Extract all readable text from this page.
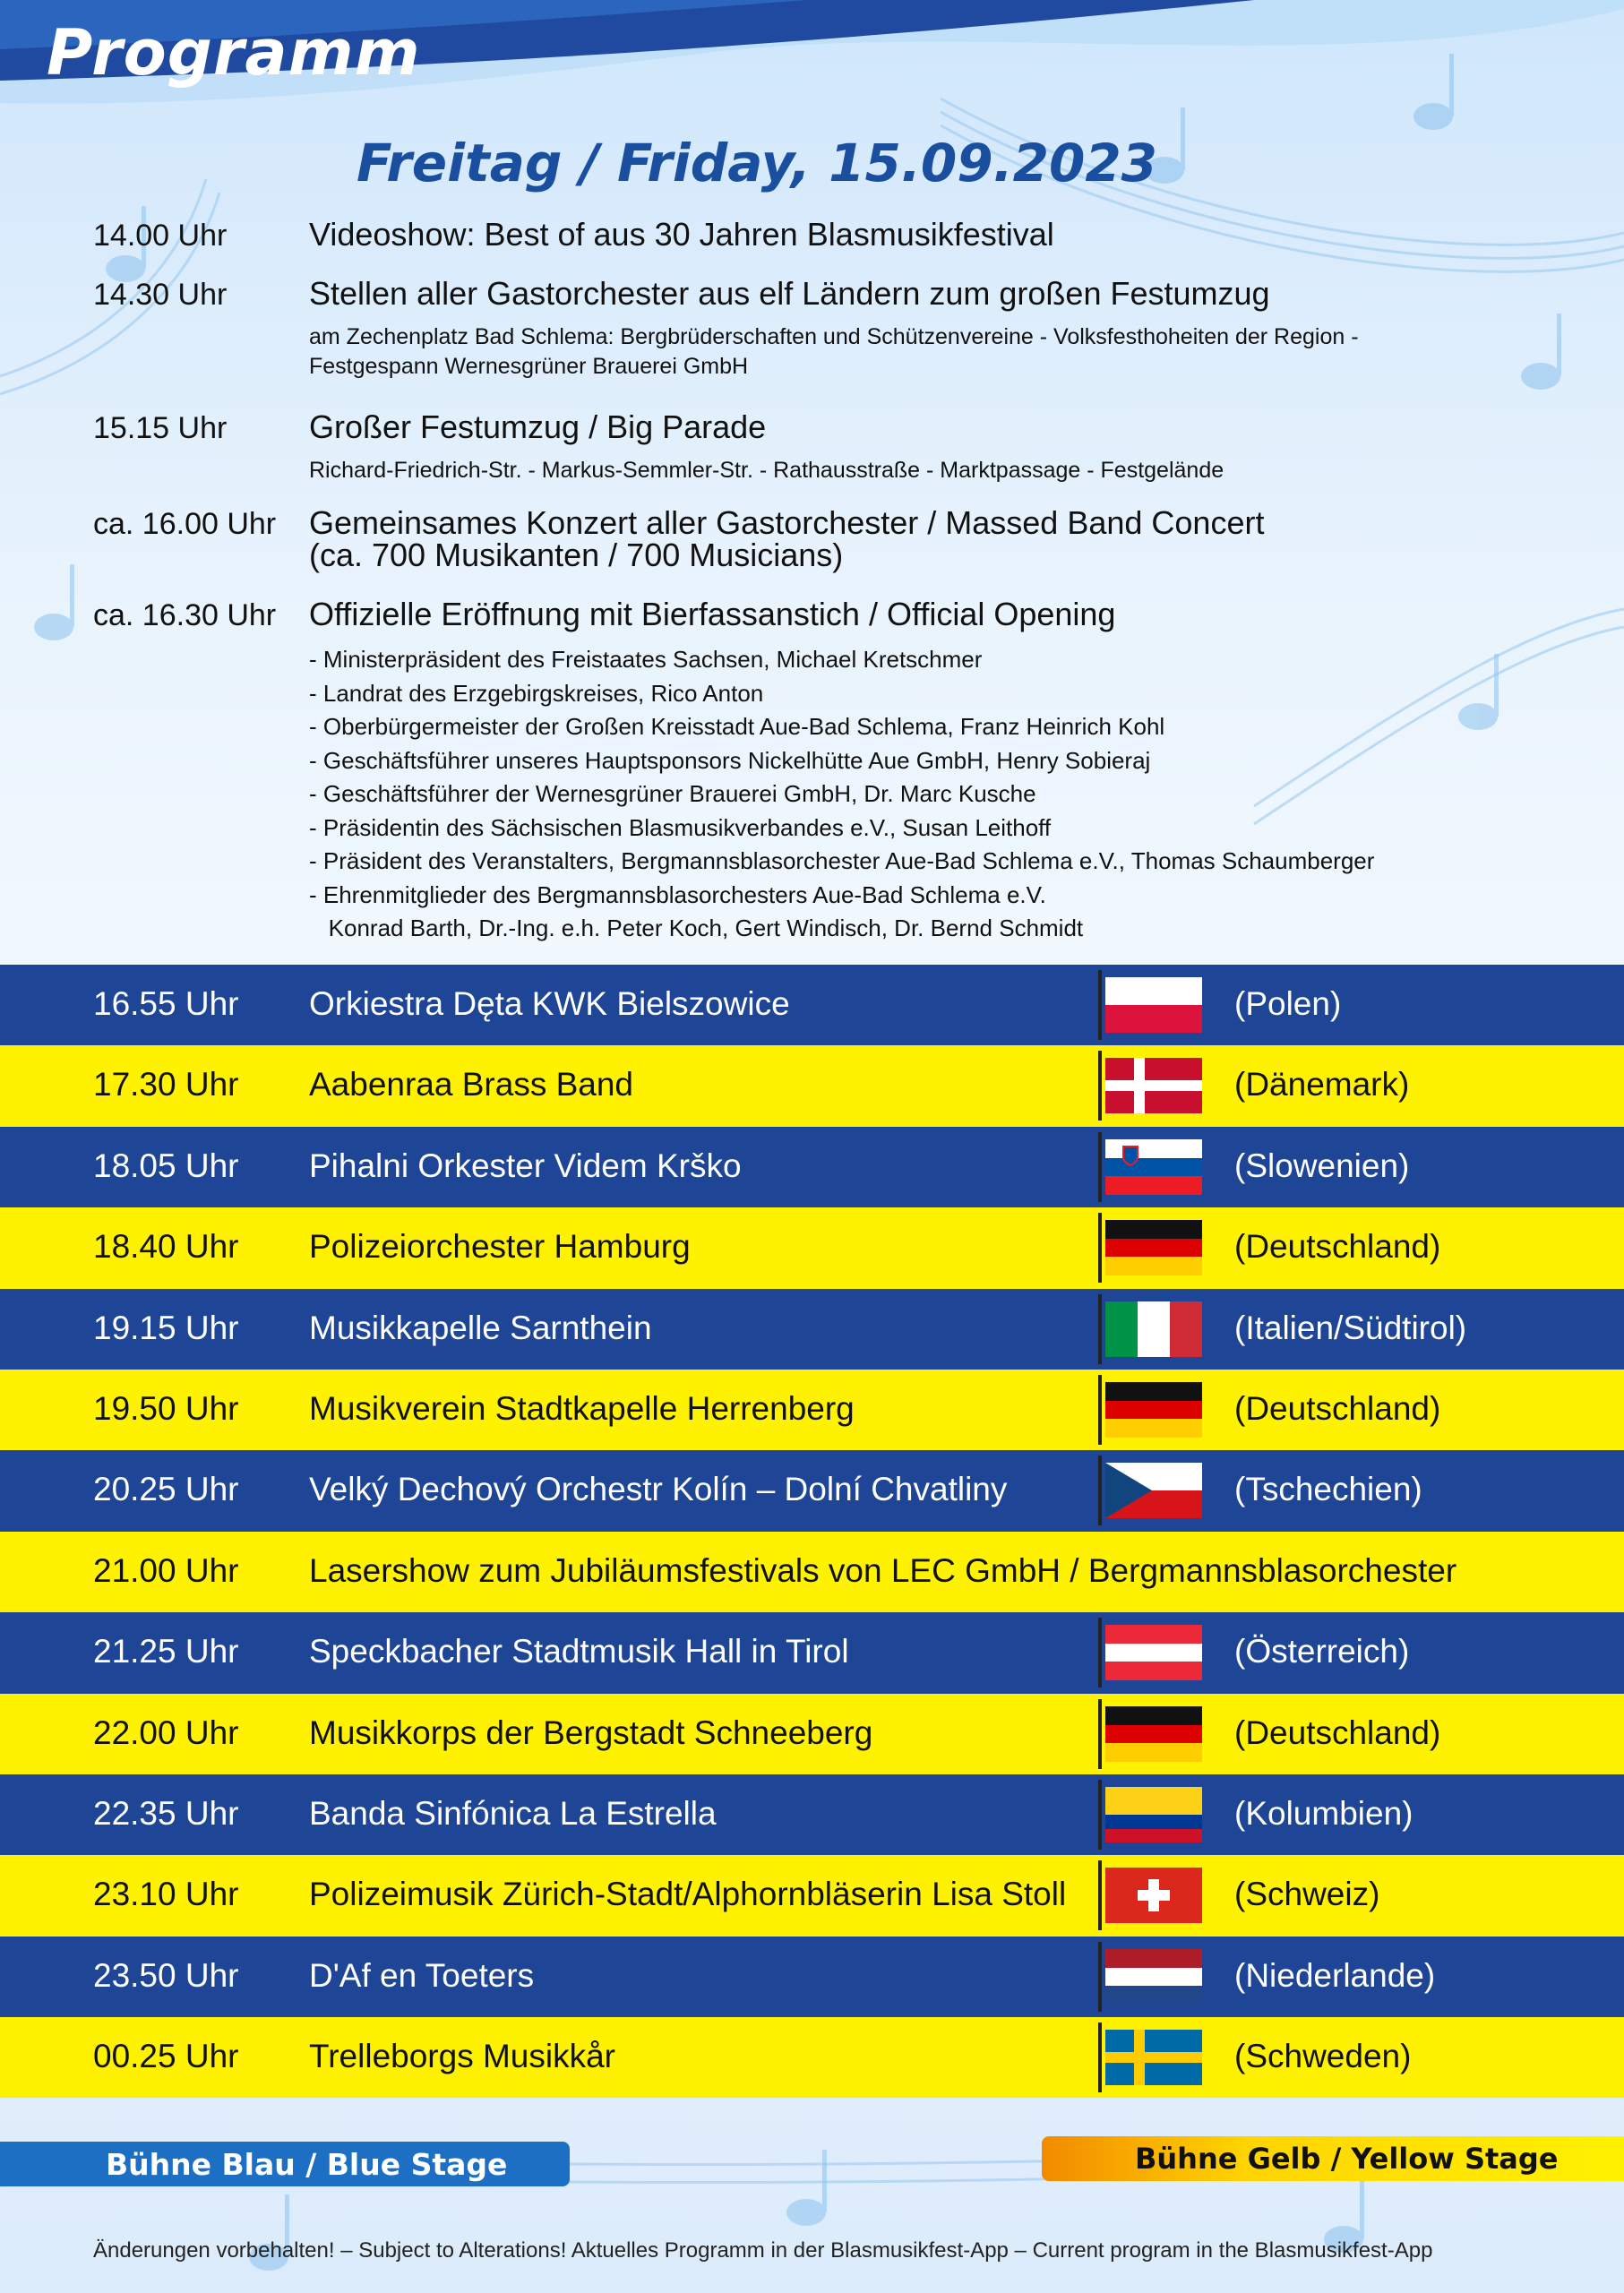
Programm
Freitag / Friday, 15.09.2023
14.00 Uhr	Videoshow: Best of aus 30 Jahren Blasmusikfestival
14.30 Uhr	Stellen aller Gastorchester aus elf Ländern zum großen Festumzug
am Zechenplatz Bad Schlema: Bergbrüderschaften und Schützenvereine - Volksfesthoheiten der Region -
Festgespann Wernesgrüner Brauerei GmbH
15.15 Uhr	Großer Festumzug / Big Parade
Richard-Friedrich-Str. - Markus-Semmler-Str. - Rathausstraße - Marktpassage - Festgelände
ca. 16.00 Uhr Gemeinsames Konzert aller Gastorchester / Massed Band Concert
(ca. 700 Musikanten / 700 Musicians)
ca. 16.30 Uhr Offizielle Eröffnung mit Bierfassanstich / Official Opening
- Ministerpräsident des Freistaates Sachsen, Michael Kretschmer
- Landrat des Erzgebirgskreises, Rico Anton
- Oberbürgermeister der Großen Kreisstadt Aue-Bad Schlema, Franz Heinrich Kohl
- Geschäftsführer unseres Hauptsponsors Nickelhütte Aue GmbH, Henry Sobieraj
- Geschäftsführer der Wernesgrüner Brauerei GmbH, Dr. Marc Kusche
- Präsidentin des Sächsischen Blasmusikverbandes e.V., Susan Leithoff
- Präsident des Veranstalters, Bergmannsblasorchester Aue-Bad Schlema e.V., Thomas Schaumberger
- Ehrenmitglieder des Bergmannsblasorchesters Aue-Bad Schlema e.V.
Konrad Barth, Dr.-Ing. e.h. Peter Koch, Gert Windisch, Dr. Bernd Schmidt
16.55 Uhr Orkiestra Dęta KWK Bielszowice	(Polen)
17.30 Uhr Aabenraa Brass Band	(Dänemark)
18.05 Uhr Pihalni Orkester Videm Krško	(Slowenien)
18.40 Uhr Polizeiorchester Hamburg	(Deutschland)
19.15 Uhr Musikkapelle Sarnthein	(Italien/Südtirol)
19.50 Uhr Musikverein Stadtkapelle Herrenberg	(Deutschland)
20.25 Uhr Velký Dechový Orchestr Kolín – Dolní Chvatliny	(Tschechien)
21.00 Uhr Lasershow zum Jubiläumsfestivals von LEC GmbH / Bergmannsblasorchester
21.25 Uhr Speckbacher Stadtmusik Hall in Tirol	(Österreich)
22.00 Uhr Musikkorps der Bergstadt Schneeberg	(Deutschland)
22.35 Uhr Banda Sinfónica La Estrella	(Kolumbien)
23.10 Uhr Polizeimusik Zürich-Stadt/Alphornbläserin Lisa Stoll	(Schweiz)
23.50 Uhr D'Af en Toeters	(Niederlande)
00.25 Uhr Trelleborgs Musikkår	(Schweden)
Bühne Blau / Blue Stage	Bühne Gelb / Yellow Stage
Änderungen vorbehalten! – Subject to Alterations! Aktuelles Programm in der Blasmusikfest-App – Current program in the Blasmusikfest-App
